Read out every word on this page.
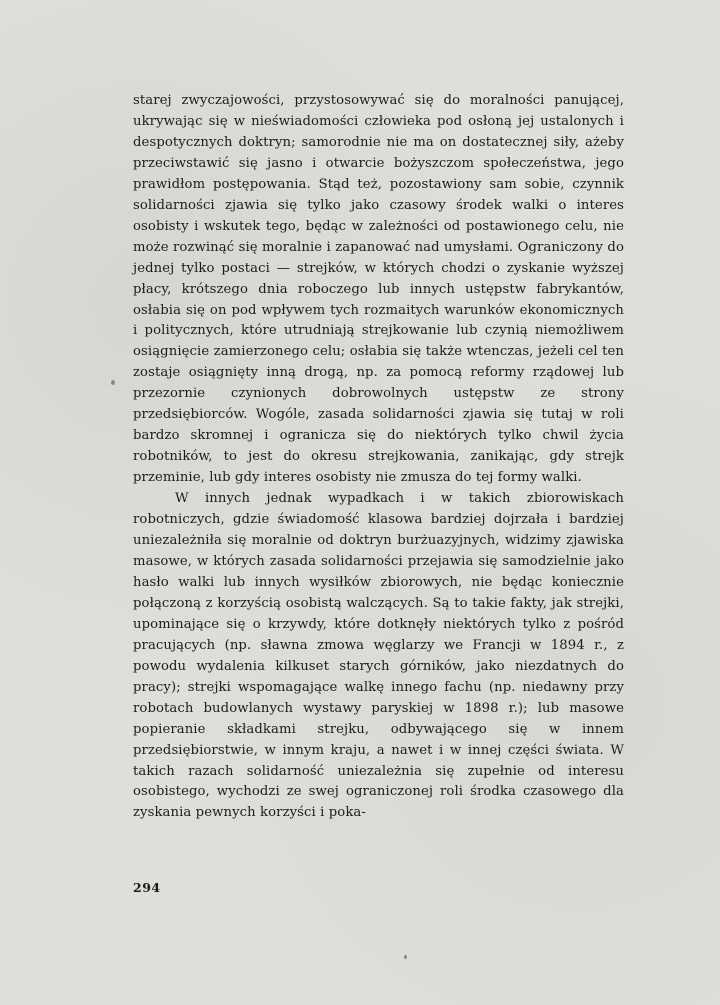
starej zwyczajowości, przystosowywać się do moralności panującej, ukrywając się w nieświadomości człowieka pod osłoną jej ustalonych i despotycznych doktryn; samorodnie nie ma on dostatecznej siły, ażeby przeciwstawić się jasno i otwarcie bożyszczom społeczeństwa, jego prawidłom postępowania. Stąd też, pozostawiony sam sobie, czynnik solidarności zjawia się tylko jako czasowy środek walki o interes osobisty i wskutek tego, będąc w zależności od postawionego celu, nie może rozwinąć się moralnie i zapanować nad umysłami. Ograniczony do jednej tylko postaci — strejków, w których chodzi o zyskanie wyższej płacy, krótszego dnia roboczego lub innych ustępstw fabrykantów, osłabia się on pod wpływem tych rozmaitych warunków ekonomicznych i politycznych, które utrudniają strejkowanie lub czynią niemożliwem osiągnięcie zamierzonego celu; osłabia się także wtenczas, jeżeli cel ten zostaje osiągnięty inną drogą, np. za pomocą reformy rządowej lub przezornie czynionych dobrowolnych ustępstw ze strony przedsiębiorców. Wogóle, zasada solidarności zjawia się tutaj w roli bardzo skromnej i ogranicza się do niektórych tylko chwil życia robotników, to jest do okresu strejkowania, zanikając, gdy strejk przeminie, lub gdy interes osobisty nie zmusza do tej formy walki.

W innych jednak wypadkach i w takich zbiorowiskach robotniczych, gdzie świadomość klasowa bardziej dojrzała i bardziej uniezależniła się moralnie od doktryn burżuazyjnych, widzimy zjawiska masowe, w których zasada solidarności przejawia się samodzielnie jako hasło walki lub innych wysiłków zbiorowych, nie będąc koniecznie połączoną z korzyścią osobistą walczących. Są to takie fakty, jak strejki, upominające się o krzywdy, które dotknęły niektórych tylko z pośród pracujących (np. sławna zmowa węglarzy we Francji w 1894 r., z powodu wydalenia kilkuset starych górników, jako niezdatnych do pracy); strejki wspomagające walkę innego fachu (np. niedawny przy robotach budowlanych wystawy paryskiej w 1898 r.); lub masowe popieranie składkami strejku, odbywającego się w innem przedsiębiorstwie, w innym kraju, a nawet i w innej części świata. W takich razach solidarność uniezależnia się zupełnie od interesu osobistego, wychodzi ze swej ograniczonej roli środka czasowego dla zyskania pewnych korzyści i poka-

294
